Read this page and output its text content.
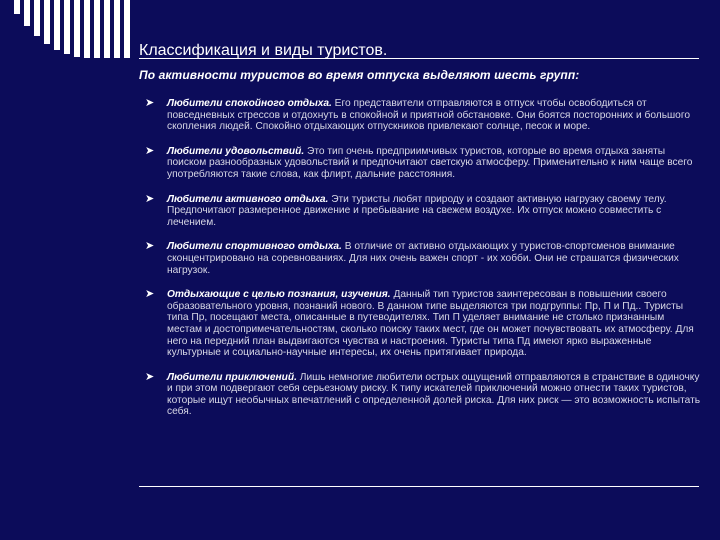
Классификация и виды туристов.
По активности туристов во время отпуска выделяют шесть групп:
➤ Любители спокойного отдыха. Его представители отправляются в отпуск чтобы освободиться от повседневных стрессов и отдохнуть в спокойной и приятной обстановке. Они боятся посторонних и большого скопления людей. Спокойно отдыхающих отпускников привлекают солнце, песок и море.
➤ Любители удовольствий. Это тип очень предприимчивых туристов, которые во время отдыха заняты поиском разнообразных удовольствий и предпочитают светскую атмосферу. Применительно к ним чаще всего употребляются такие слова, как флирт, дальние расстояния.
➤ Любители активного отдыха. Эти туристы любят природу и создают активную нагрузку своему телу. Предпочитают размеренное движение и пребывание на свежем воздухе. Их отпуск можно совместить с лечением.
➤ Любители спортивного отдыха. В отличие от активно отдыхающих у туристов-спортсменов внимание сконцентрировано на соревнованиях. Для них очень важен спорт - их хобби. Они не страшатся физических нагрузок.
➤ Отдыхающие с целью познания, изучения. Данный тип туристов заинтересован в повышении своего образовательного уровня, познаний нового. В данном типе выделяются три подгруппы: Пр, П и Пд.. Туристы типа Пр, посещают места, описанные в путеводителях. Тип П уделяет внимание не столько признанным местам и достопримечательностям, сколько поиску таких мест, где он может почувствовать их атмосферу. Для него на передний план выдвигаются чувства и настроения. Туристы типа Пд имеют ярко выраженные культурные и социально-научные интересы, их очень притягивает природа.
➤ Любители приключений. Лишь немногие любители острых ощущений отправляются в странствие в одиночку и при этом подвергают себя серьезному риску. К типу искателей приключений можно отнести таких туристов, которые ищут необычных впечатлений с определенной долей риска. Для них риск — это возможность испытать себя.
